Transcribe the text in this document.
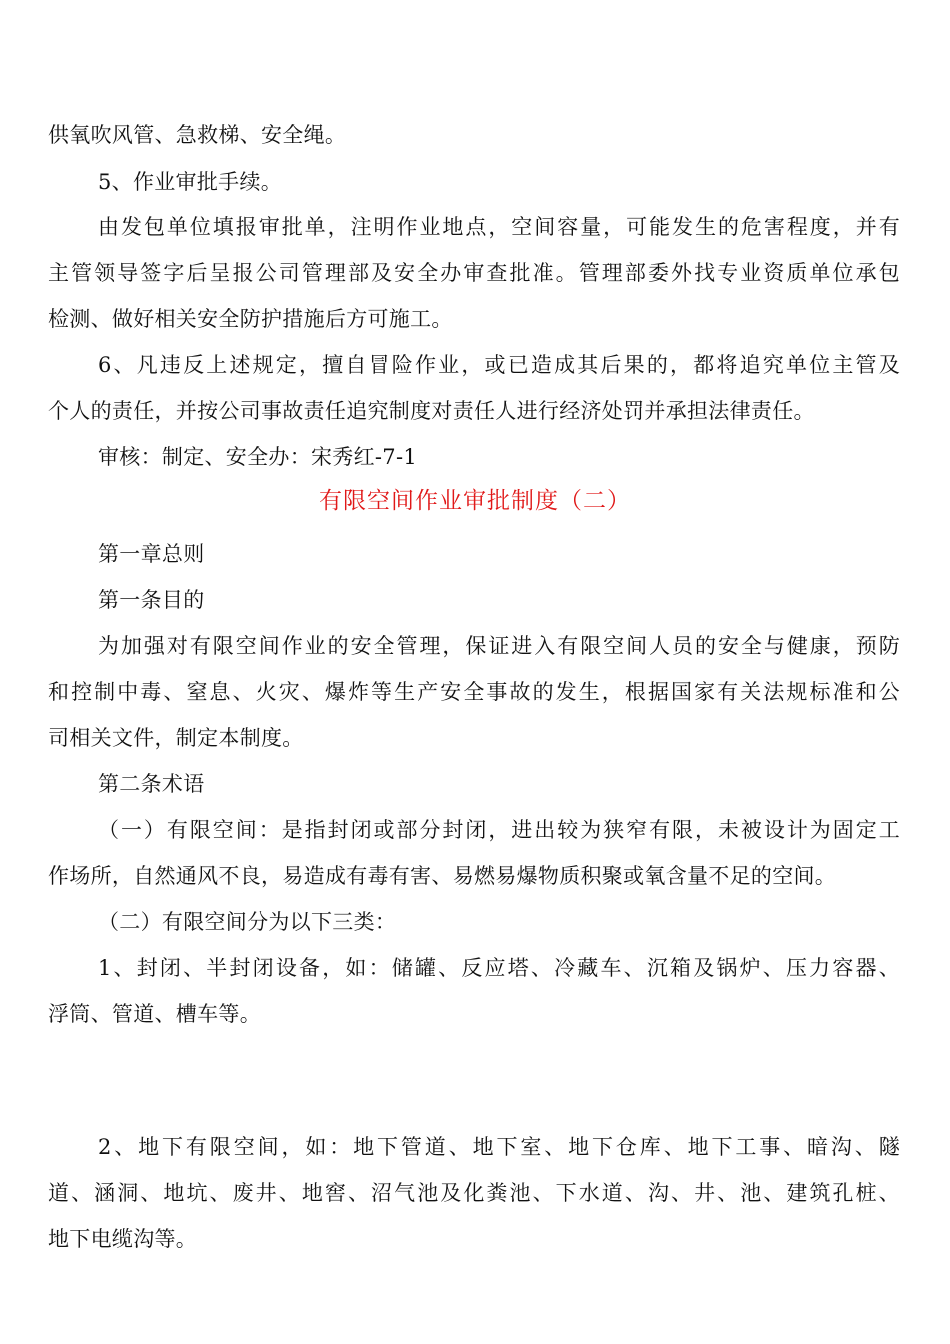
供氧吹风管、急救梯、安全绳。
5、作业审批手续。
由发包单位填报审批单，注明作业地点，空间容量，可能发生的危害程度，并有
主管领导签字后呈报公司管理部及安全办审查批准。管理部委外找专业资质单位承包
检测、做好相关安全防护措施后方可施工。
6、凡违反上述规定，擅自冒险作业，或已造成其后果的，都将追究单位主管及
个人的责任，并按公司事故责任追究制度对责任人进行经济处罚并承担法律责任。
审核：制定、安全办：宋秀红-7-1
有限空间作业审批制度（二）
第一章总则
第一条目的
为加强对有限空间作业的安全管理，保证进入有限空间人员的安全与健康，预防
和控制中毒、窒息、火灾、爆炸等生产安全事故的发生，根据国家有关法规标准和公
司相关文件，制定本制度。
第二条术语
（一）有限空间：是指封闭或部分封闭，进出较为狭窄有限，未被设计为固定工
作场所，自然通风不良，易造成有毒有害、易燃易爆物质积聚或氧含量不足的空间。
（二）有限空间分为以下三类：
1、封闭、半封闭设备，如：储罐、反应塔、冷藏车、沉箱及锅炉、压力容器、
浮筒、管道、槽车等。
2、地下有限空间，如：地下管道、地下室、地下仓库、地下工事、暗沟、隧
道、涵洞、地坑、废井、地窖、沼气池及化粪池、下水道、沟、井、池、建筑孔桩、
地下电缆沟等。
